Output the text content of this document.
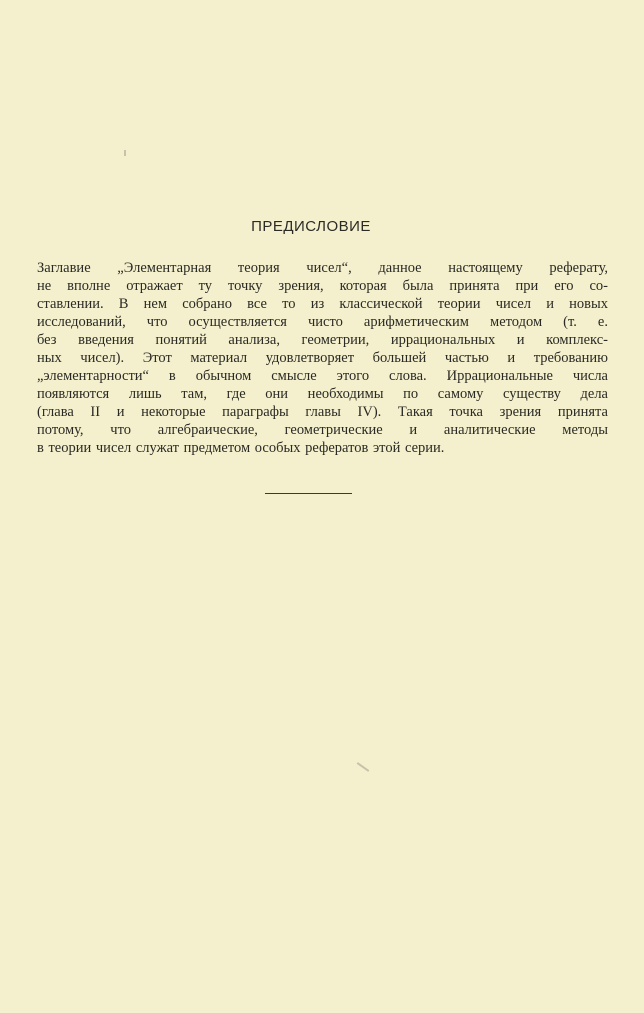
ПРЕДИСЛОВИЕ
Заглавие „Элементарная теория чисел“, данное настоящему реферату,
не вполне отражает ту точку зрения, которая была принята при его со-
ставлении. В нем собрано все то из классической теории чисел и новых
исследований, что осуществляется чисто арифметическим методом (т. е.
без введения понятий анализа, геометрии, иррациональных и комплекс-
ных чисел). Этот материал удовлетворяет большей частью и требованию
„элементарности“ в обычном смысле этого слова. Иррациональные числа
появляются лишь там, где они необходимы по самому существу дела
(глава II и некоторые параграфы главы IV). Такая точка зрения принята
потому, что алгебраические, геометрические и аналитические методы
в теории чисел служат предметом особых рефератов этой серии.
